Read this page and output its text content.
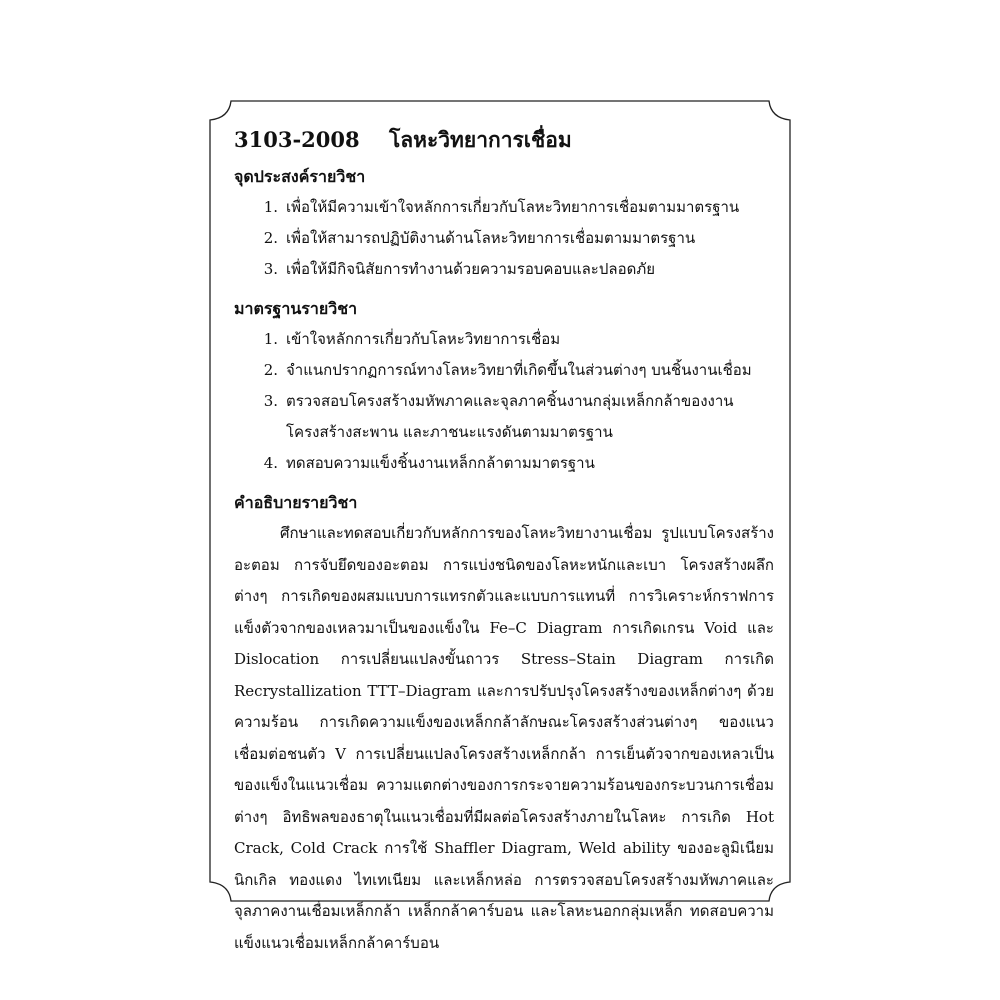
3103-2008	โลหะวิทยาการเชื่อม
จุดประสงค์รายวิชา
1. เพื่อให้มีความเข้าใจหลักการเกี่ยวกับโลหะวิทยาการเชื่อมตามมาตรฐาน
2. เพื่อให้สามารถปฏิบัติงานด้านโลหะวิทยาการเชื่อมตามมาตรฐาน
3. เพื่อให้มีกิจนิสัยการทำงานด้วยความรอบคอบและปลอดภัย
มาตรฐานรายวิชา
1. เข้าใจหลักการเกี่ยวกับโลหะวิทยาการเชื่อม
2. จำแนกปรากฏการณ์ทางโลหะวิทยาที่เกิดขึ้นในส่วนต่างๆ บนชิ้นงานเชื่อม
3. ตรวจสอบโครงสร้างมหัพภาคและจุลภาคชิ้นงานกลุ่มเหล็กกล้าของงานโครงสร้างสะพาน และภาชนะแรงดันตามมาตรฐาน
4. ทดสอบความแข็งชิ้นงานเหล็กกล้าตามมาตรฐาน
คำอธิบายรายวิชา

ศึกษาและทดสอบเกี่ยวกับหลักการของโลหะวิทยางานเชื่อม รูปแบบโครงสร้างอะตอม การจับยึดของอะตอม การแบ่งชนิดของโลหะหนักและเบา โครงสร้างผลึกต่างๆ การเกิดของผสมแบบการแทรกตัวและแบบการแทนที่ การวิเคราะห์กราฟการแข็งตัวจากของเหลวมาเป็นของแข็งใน Fe–C Diagram การเกิดเกรน Void และ Dislocation การเปลี่ยนแปลงขั้นถาวร Stress–Stain Diagram การเกิด Recrystallization TTT–Diagram และการปรับปรุงโครงสร้างของเหล็กต่างๆ ด้วยความร้อน การเกิดความแข็งของเหล็กกล้าลักษณะโครงสร้างส่วนต่างๆ ของแนวเชื่อมต่อชนตัว V การเปลี่ยนแปลงโครงสร้างเหล็กกล้า การเย็นตัวจากของเหลวเป็นของแข็งในแนวเชื่อม ความแตกต่างของการกระจายความร้อนของกระบวนการเชื่อมต่างๆ อิทธิพลของธาตุในแนวเชื่อมที่มีผลต่อโครงสร้างภายในโลหะ การเกิด Hot Crack, Cold Crack การใช้ Shaffler Diagram, Weld ability ของอะลูมิเนียม นิกเกิล ทองแดง ไทเทเนียม และเหล็กหล่อ การตรวจสอบโครงสร้างมหัพภาคและจุลภาคงานเชื่อมเหล็กกล้า เหล็กกล้าคาร์บอน และโลหะนอกกลุ่มเหล็ก ทดสอบความแข็งแนวเชื่อมเหล็กกล้าคาร์บอน
